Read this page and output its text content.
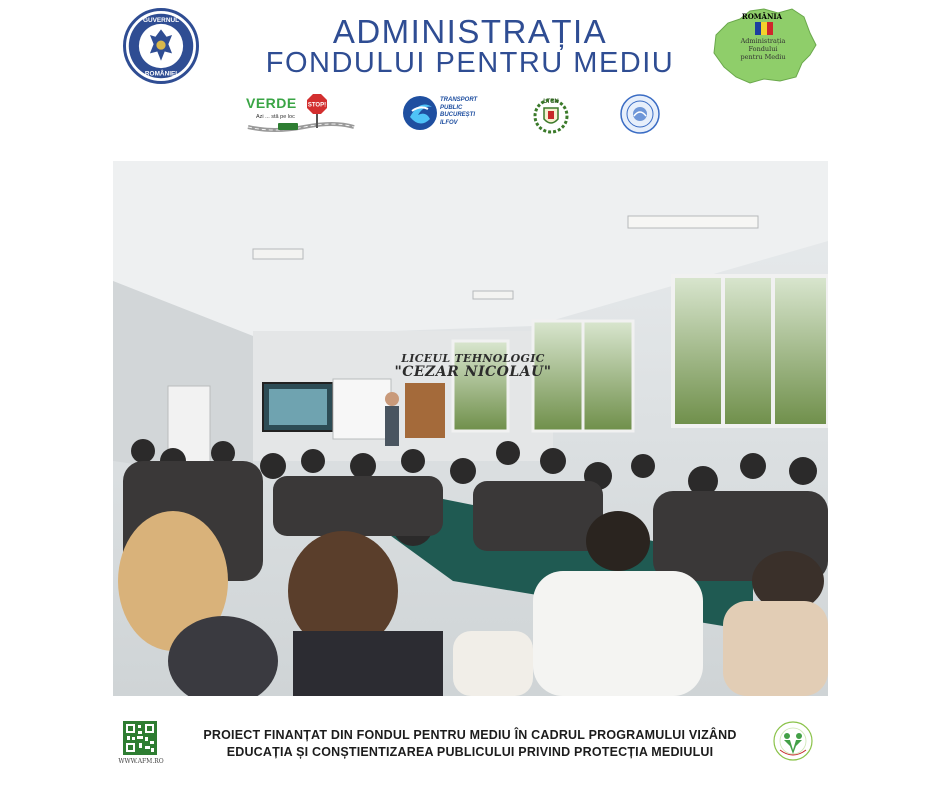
GUVERNUL
ROMÂNIEI
ADMINISTRAȚIA
FONDULUI PENTRU MEDIU
ROMÂNIA
Administrația
Fondului
pentru Mediu
VERDE STOP!
Azi ... stă pe loc
TRANSPORT
PUBLIC
BUCUREȘTI
ILFOV
LTCN
LICEUL TEHNOLOGIC
"CEZAR NICOLAU"
WWW.AFM.RO
PROIECT FINANȚAT DIN FONDUL PENTRU MEDIU ÎN CADRUL PROGRAMULUI VIZÂND
EDUCAȚIA ȘI CONȘTIENTIZAREA PUBLICULUI PRIVIND PROTECȚIA MEDIULUI
